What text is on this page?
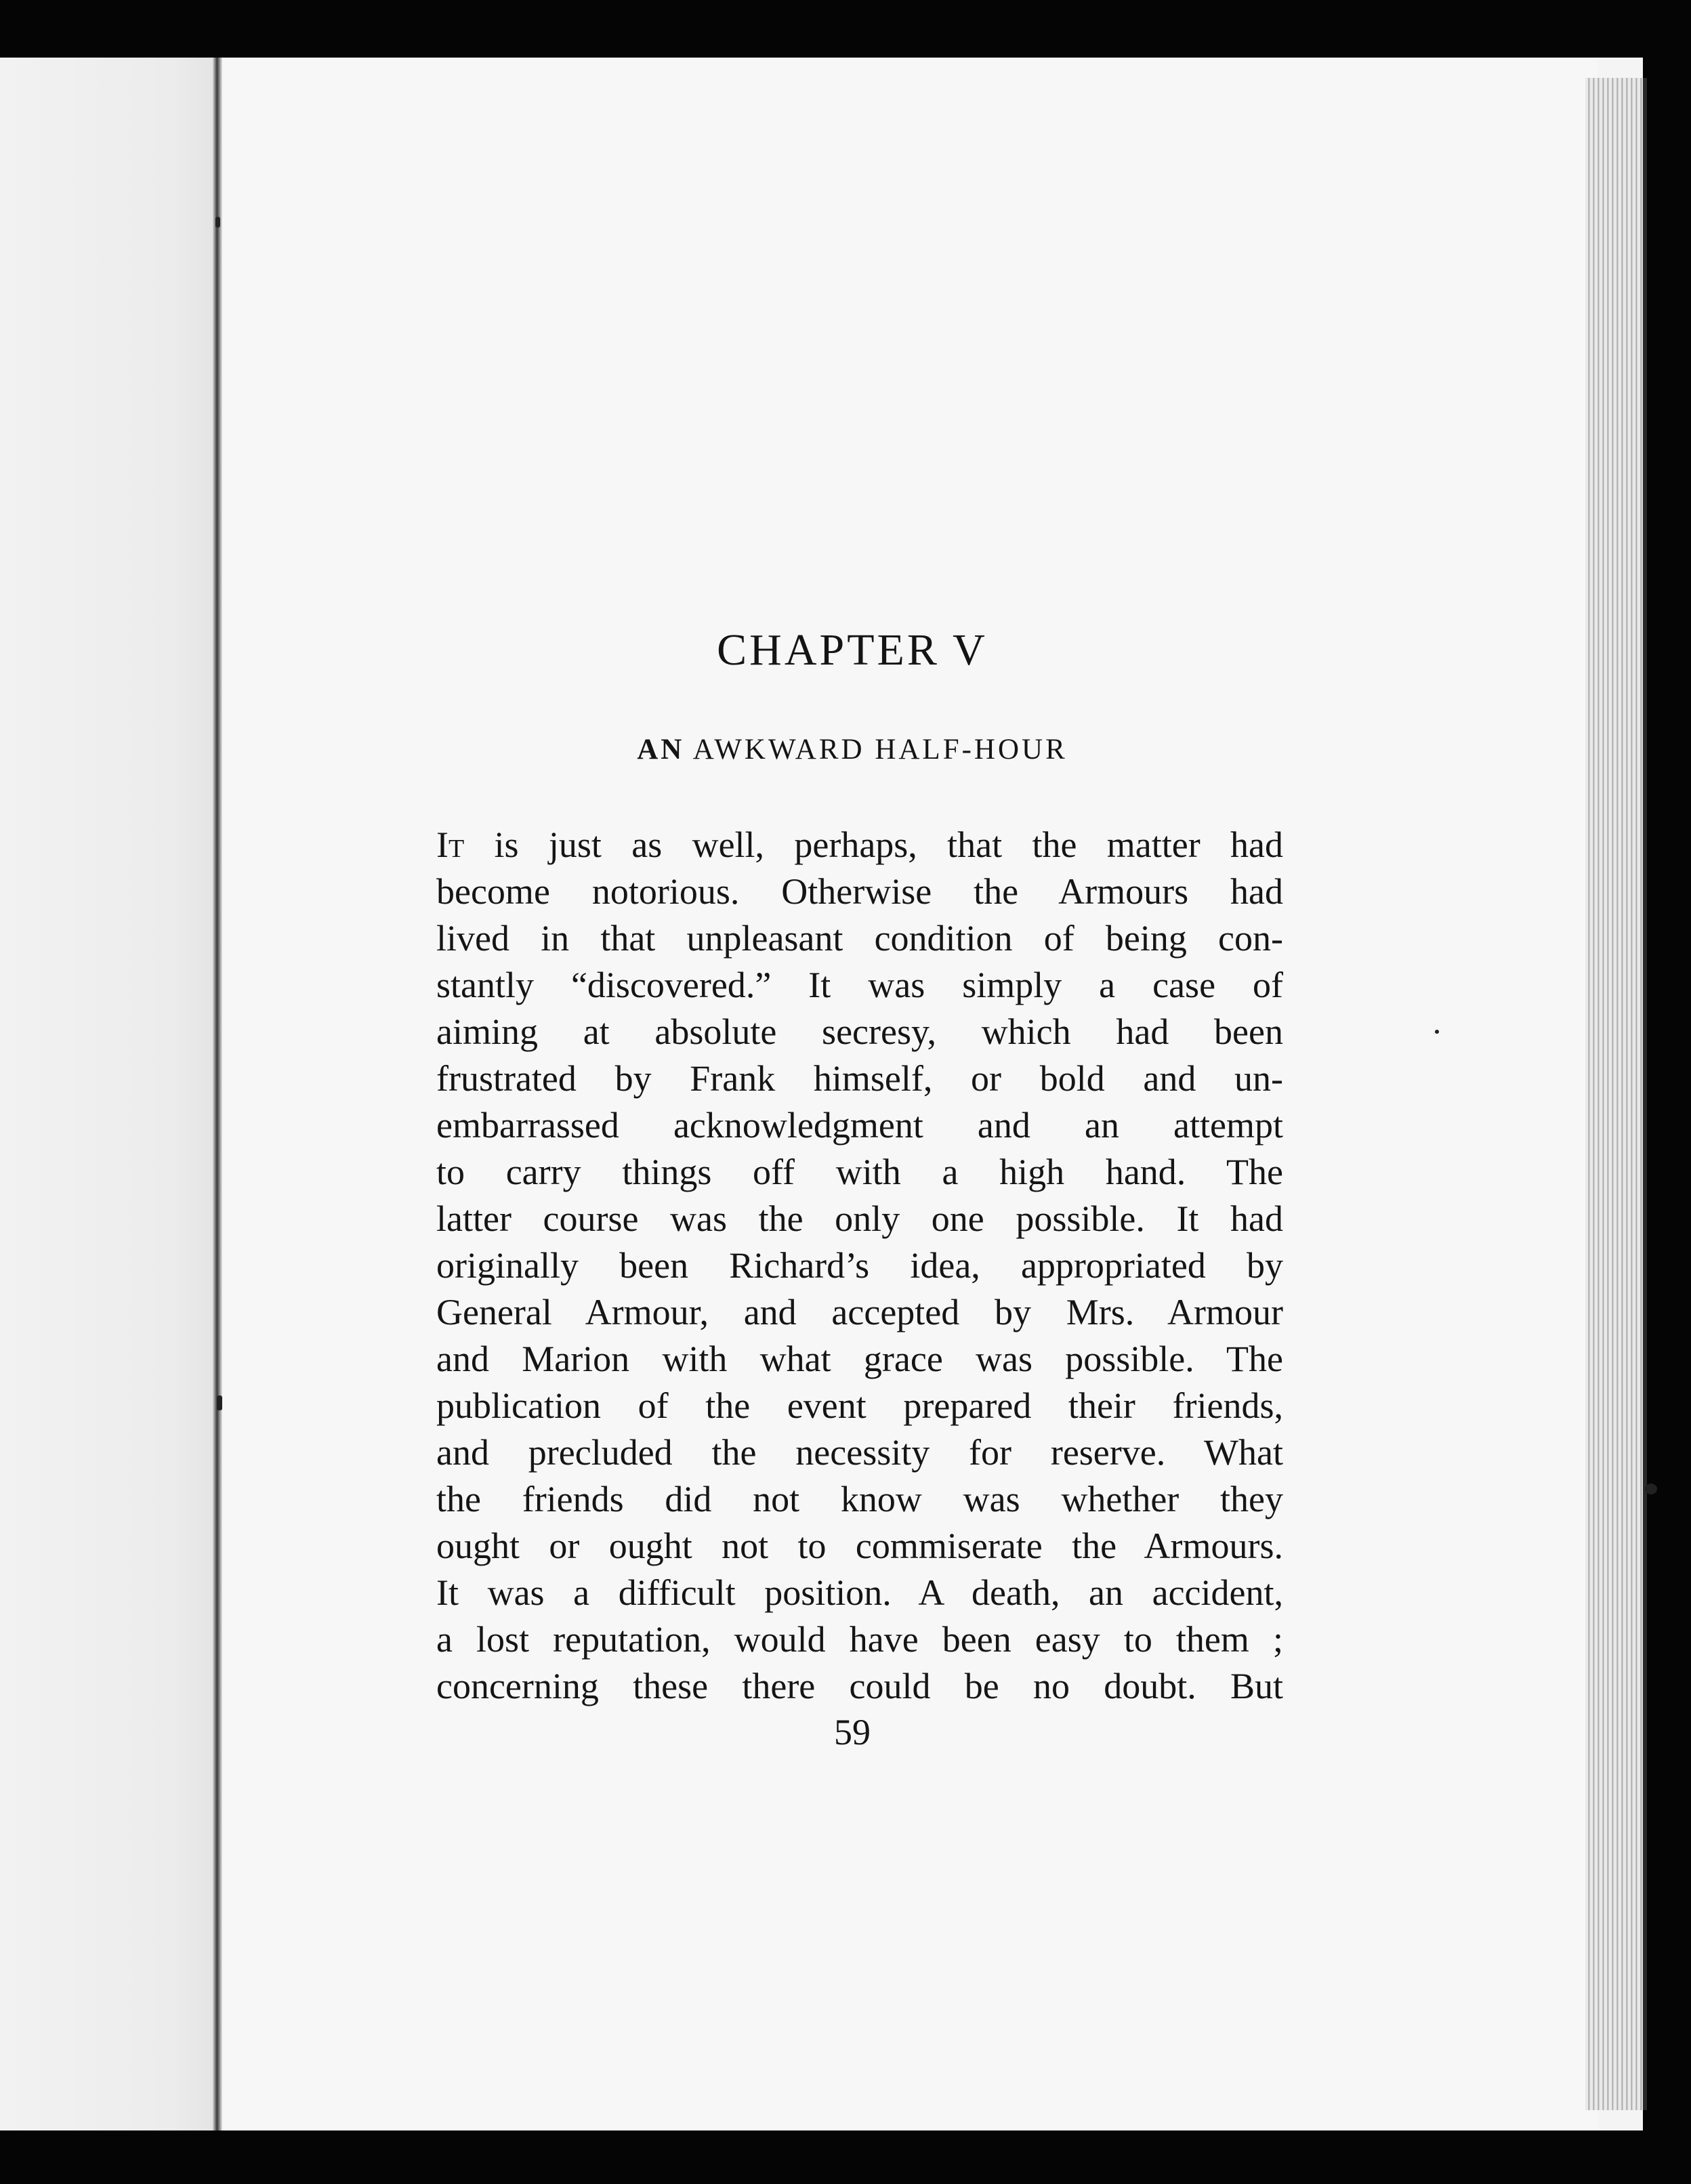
CHAPTER V
AN AWKWARD HALF-HOUR
It is just as well, perhaps, that the matter had
become notorious. Otherwise the Armours had
lived in that unpleasant condition of being con-
stantly “discovered.” It was simply a case of
aiming at absolute secresy, which had been
frustrated by Frank himself, or bold and un-
embarrassed acknowledgment and an attempt
to carry things off with a high hand. The
latter course was the only one possible. It had
originally been Richard’s idea, appropriated by
General Armour, and accepted by Mrs. Armour
and Marion with what grace was possible. The
publication of the event prepared their friends,
and precluded the necessity for reserve. What
the friends did not know was whether they
ought or ought not to commiserate the Armours.
It was a difficult position. A death, an accident,
a lost reputation, would have been easy to them ;
concerning these there could be no doubt. But
59
